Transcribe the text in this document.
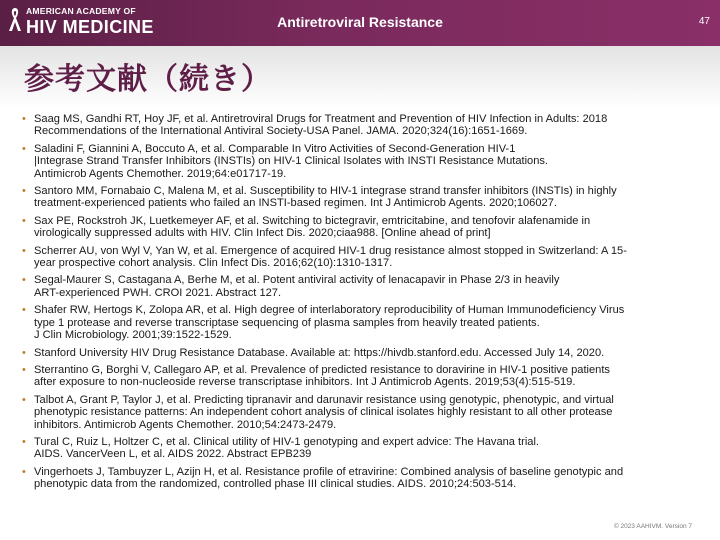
AMERICAN ACADEMY OF
HIV MEDICINE	Antiretroviral Resistance	47
参考文献（続き）
• Saag MS, Gandhi RT, Hoy JF, et al. Antiretroviral Drugs for Treatment and Prevention of HIV Infection in Adults: 2018
Recommendations of the International Antiviral Society-USA Panel. JAMA. 2020;324(16):1651-1669.
• Saladini F, Giannini A, Boccuto A, et al. Comparable In Vitro Activities of Second-Generation HIV-1
|Integrase Strand Transfer Inhibitors (INSTIs) on HIV-1 Clinical Isolates with INSTI Resistance Mutations.
Antimicrob Agents Chemother. 2019;64:e01717-19.
• Santoro MM, Fornabaio C, Malena M, et al. Susceptibility to HIV-1 integrase strand transfer inhibitors (INSTIs) in highly
treatment-experienced patients who failed an INSTI-based regimen. Int J Antimicrob Agents. 2020;106027.
• Sax PE, Rockstroh JK, Luetkemeyer AF, et al. Switching to bictegravir, emtricitabine, and tenofovir alafenamide in
virologically suppressed adults with HIV. Clin Infect Dis. 2020;ciaa988. [Online ahead of print]
• Scherrer AU, von Wyl V, Yan W, et al. Emergence of acquired HIV-1 drug resistance almost stopped in Switzerland: A 15-
year prospective cohort analysis. Clin Infect Dis. 2016;62(10):1310-1317.
• Segal-Maurer S, Castagana A, Berhe M, et al. Potent antiviral activity of lenacapavir in Phase 2/3 in heavily
ART-experienced PWH. CROI 2021. Abstract 127.
• Shafer RW, Hertogs K, Zolopa AR, et al. High degree of interlaboratory reproducibility of Human Immunodeficiency Virus
type 1 protease and reverse transcriptase sequencing of plasma samples from heavily treated patients.
J Clin Microbiology. 2001;39:1522-1529.
• Stanford University HIV Drug Resistance Database. Available at: https://hivdb.stanford.edu. Accessed July 14, 2020.
• Sterrantino G, Borghi V, Callegaro AP, et al. Prevalence of predicted resistance to doravirine in HIV-1 positive patients
after exposure to non-nucleoside reverse transcriptase inhibitors. Int J Antimicrob Agents. 2019;53(4):515-519.
• Talbot A, Grant P, Taylor J, et al. Predicting tipranavir and darunavir resistance using genotypic, phenotypic, and virtual
phenotypic resistance patterns: An independent cohort analysis of clinical isolates highly resistant to all other protease
inhibitors. Antimicrob Agents Chemother. 2010;54:2473-2479.
• Tural C, Ruiz L, Holtzer C, et al. Clinical utility of HIV-1 genotyping and expert advice: The Havana trial.
AIDS. VancerVeen L, et al. AIDS 2022. Abstract EPB239
• Vingerhoets J, Tambuyzer L, Azijn H, et al. Resistance profile of etravirine: Combined analysis of baseline genotypic and
phenotypic data from the randomized, controlled phase III clinical studies. AIDS. 2010;24:503-514.
© 2023 AAHIVM. Version 7
